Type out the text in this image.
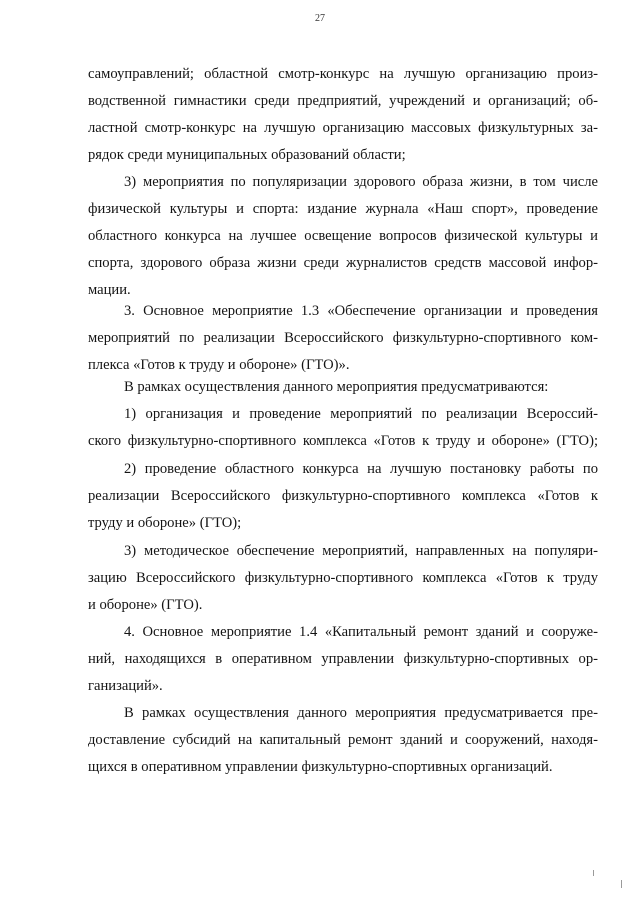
27
самоуправлений; областной смотр-конкурс на лучшую организацию произ-
водственной гимнастики среди предприятий, учреждений и организаций; об-
ластной смотр-конкурс на лучшую организацию массовых физкультурных за-
рядок среди муниципальных образований области;
3) мероприятия по популяризации здорового образа жизни, в том числе
физической культуры и спорта: издание журнала «Наш спорт», проведение
областного конкурса на лучшее освещение вопросов физической культуры и
спорта, здорового образа жизни среди журналистов средств массовой инфор-
мации.
3. Основное мероприятие 1.3 «Обеспечение организации и проведения
мероприятий по реализации Всероссийского физкультурно-спортивного ком-
плекса «Готов к труду и обороне» (ГТО)».
В рамках осуществления данного мероприятия предусматриваются:
1) организация и проведение мероприятий по реализации Всероссий-
ского физкультурно-спортивного комплекса «Готов к труду и обороне» (ГТО);
2) проведение областного конкурса на лучшую постановку работы по
реализации Всероссийского физкультурно-спортивного комплекса «Готов к
труду и обороне» (ГТО);
3) методическое обеспечение мероприятий, направленных на популяри-
зацию Всероссийского физкультурно-спортивного комплекса «Готов к труду
и обороне» (ГТО).
4. Основное мероприятие 1.4 «Капитальный ремонт зданий и сооруже-
ний, находящихся в оперативном управлении физкультурно-спортивных ор-
ганизаций».
В рамках осуществления данного мероприятия предусматривается пре-
доставление субсидий на капитальный ремонт зданий и сооружений, находя-
щихся в оперативном управлении физкультурно-спортивных организаций.
